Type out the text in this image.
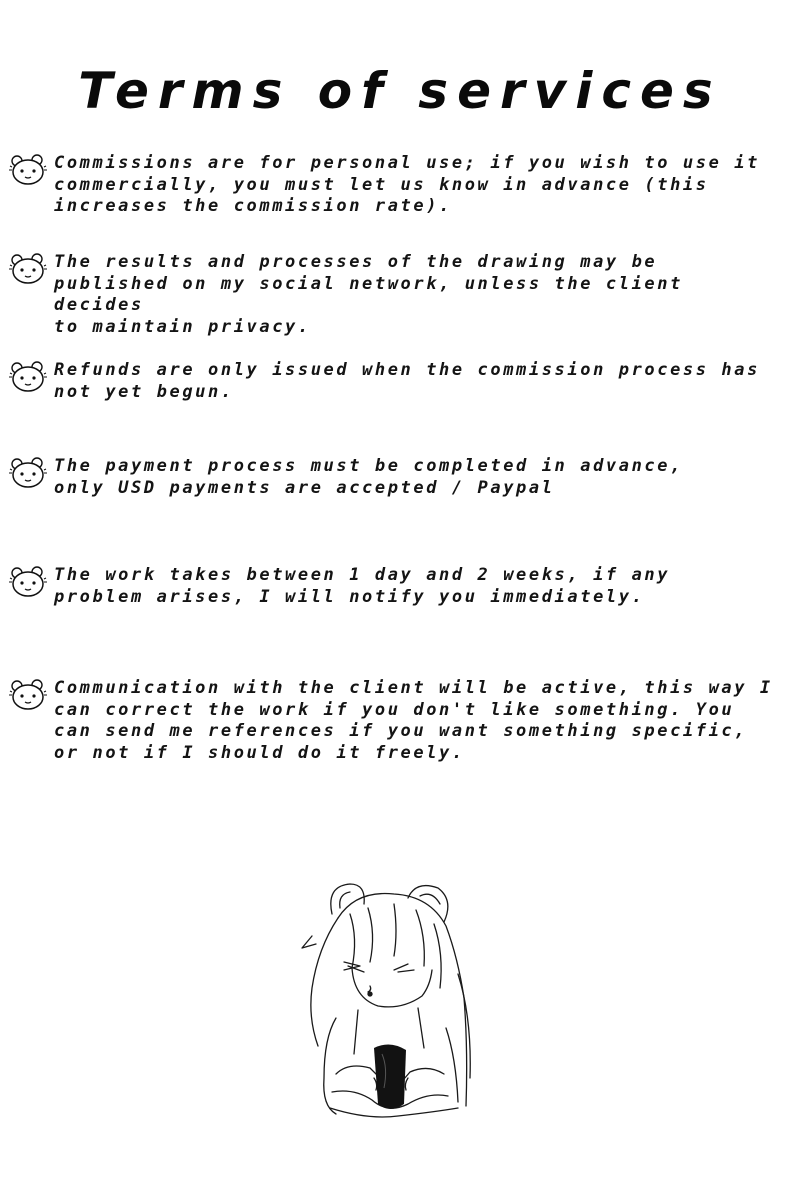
Terms of services
Commissions are for personal use; if you wish to use it
commercially, you must let us know in advance (this
increases the commission rate).
The results and processes of the drawing may be
published on my social network, unless the client decides
to maintain privacy.
Refunds are only issued when the commission process has
not yet begun.
The payment process must be completed in advance,
only USD payments are accepted / Paypal
The work takes between 1 day and 2 weeks, if any
problem arises, I will notify you immediately.
Communication with the client will be active, this way I
can correct the work if you don't like something. You
can send me references if you want something specific,
or not if I should do it freely.
